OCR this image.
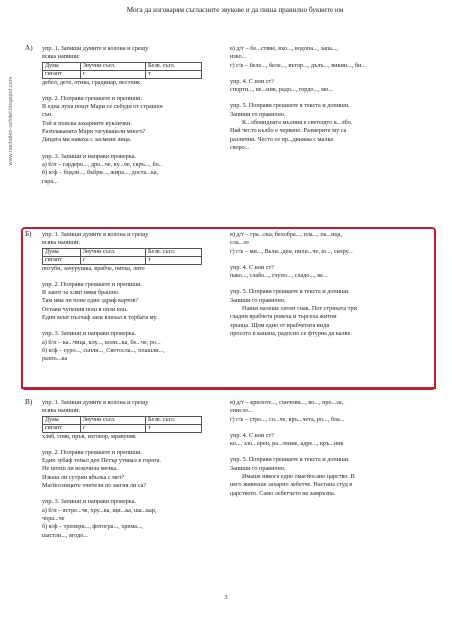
Мога да изговарям съгласните звукове и да пиша правилно буквите им
www.nachalen-uchitel.blogspot.com
А) упр. 1. Запиши думите в колона и срещу

всяка напиши:

Дума	Звучни съгл.	Безв. съгл.
гигант	г	т

дебел, дете, отива, градинар, вестник

упр. 2. Поправи грешките и препиши.

В една луна нощт Мари се събуди от страшен

сън.

Той и поиска захарните куклички.

Разплаканата Мари тагуваш́ели много?

Дицата ми наваха с засмени лица.

упр. 3. Запиши и направи проверка.

а) б/п – гардеро..., дро...че, ку...че, скръ..., бо..

б) в/ф – бодли..., бъбри..., жира..., доста...ка,

гара...

в) д/т – бе...ствие, вхо..., водопа..., запа...,

изво...

г) г/к – беле..., беле..., вътор..., дълъ..., викин..., би...

упр. 4. С или ст?

спорти..., ве...ник, радо..., гордо..., мо...

упр. 5. Поправи грешките в текста и допиши.

Запиши го правилно.

К...лбовидната мълния е светещто к...лбо.

Най често кълбо е червено. Размерите му са

различни. Често се пр...движва с малка

скоро...

Б) упр. 1. Запиши думите в колона и срещу

всяка напиши:

Дума	Звучни съгл.	Безв. съгл.
гигант	г	т

погуби, зачурушка, врабче, питка, лято

упр. 2. Поправи грешките и препиши.

В завот за хляп няма брашно.

Там има ли поне един здраф картов?

Остави чупения нош в онзи юш.

Един млат пълчаф заек влизал в торбата му.

упр. 3. Запиши и направи проверка.

а) б/п – ка...чица, клу..., коли...ка, бе...че, ро...

б) в/ф – суро..., сьнли..., Светосла..., плашли...,

разпъ...ка

в) д/т – гра...ска, белобра..., пла..., па...ица,

сла...зо

г) г/к – ми..., Вели...ден, пили...че, ю..., сьпру...

упр. 4. С или ст?

пако..., слабо..., глупо..., сладо..., ве...

упр. 5. Поправи грешките в текста и допиши.

Запиши го правилно.

Навън валеше ситен снак. Пот стряхата три

гладни врабчета ровеха и търсеха житни

зрънца. Щом едно от врабчетата видя

просото в канапа, радосно се фтурна да калве.

В) упр. 1. Запиши думите в колона и срещу

всяка напиши:

Дума	Звучни съгл.	Безв. съгл.
гигант	г	т

хляб, гняв, пръв, изговор, мравуняк

упр. 2. Поправи грешките и препиши.

Един зубаф топал ден Петър утивал в гората.

Не штеш ли искочила мечка.

Изкаш ли сутрин ябълка с мет?

Магйосниците очители по магия ли са?

упр. 3. Запиши и направи проверка.

а) б/п – ястре...че, хру...ка, щи...ка, ша...кар,

чора...че

б) в/ф – трепери..., фотогра..., хрема...,

шастли..., ягодо...

в) д/т – крилоте..., сънчови..., во..., про...за,

еписзо...

г) г/к – стро..., со...че, кръ...чета, ро..., бла...

упр. 4. С или ст?

ко..., зло...орен, ра...тение, адре..., кръ...ник

упр. 5. Поправи грешките в текста и допиши.

Запиши го правилно.

Имаше някога едно омагйосано царство. В

него живееше захарно лебетче. Настана студ в

царството. Само лебетчето не замръзна.

3
